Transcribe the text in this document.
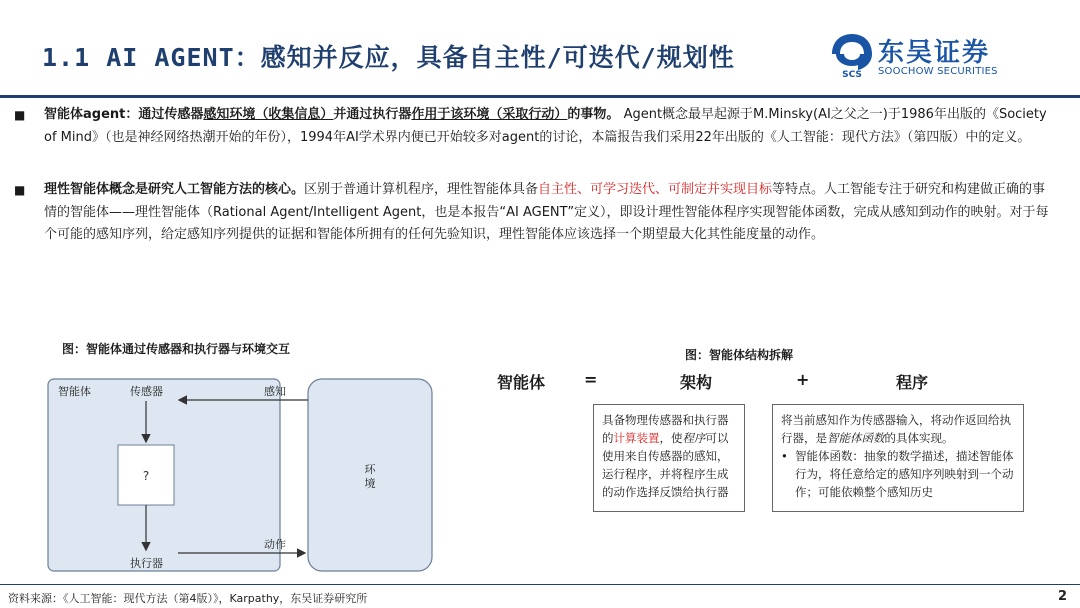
1.1 AI AGENT：感知并反应，具备自主性/可迭代/规划性
SCS
东吴证券
SOOCHOW SECURITIES
■	智能体agent：通过传感器感知环境（收集信息）并通过执行器作用于该环境（采取行动）的事物。 Agent概念最早起源于M.Minsky(AI之父之一)于1986年出版的《Society of Mind》（也是神经网络热潮开始的年份），1994年AI学术界内便已开始较多对agent的讨论，本篇报告我们采用22年出版的《人工智能：现代方法》（第四版）中的定义。
■	理性智能体概念是研究人工智能方法的核心。区别于普通计算机程序，理性智能体具备自主性、可学习迭代、可制定并实现目标等特点。人工智能专注于研究和构建做正确的事情的智能体——理性智能体（Rational Agent/Intelligent Agent，也是本报告“AI AGENT”定义），即设计理性智能体程序实现智能体函数，完成从感知到动作的映射。对于每个可能的感知序列，给定感知序列提供的证据和智能体所拥有的任何先验知识，理性智能体应该选择一个期望最大化其性能度量的动作。
图：智能体通过传感器和执行器与环境交互
智能体	传感器
执行器
?
感知
动作
环境
图：智能体结构拆解
智能体 =	架构	+	程序
具备物理传感器和执行器的计算装置，使程序可以使用来自传感器的感知，运行程序，并将程序生成的动作选择反馈给执行器
将当前感知作为传感器输入，将动作返回给执行器，是智能体函数的具体实现。
• 智能体函数：抽象的数学描述，描述智能体行为，将任意给定的感知序列映射到一个动作；可能依赖整个感知历史
资料来源：《人工智能：现代方法（第4版）》，Karpathy，东吴证券研究所	2
